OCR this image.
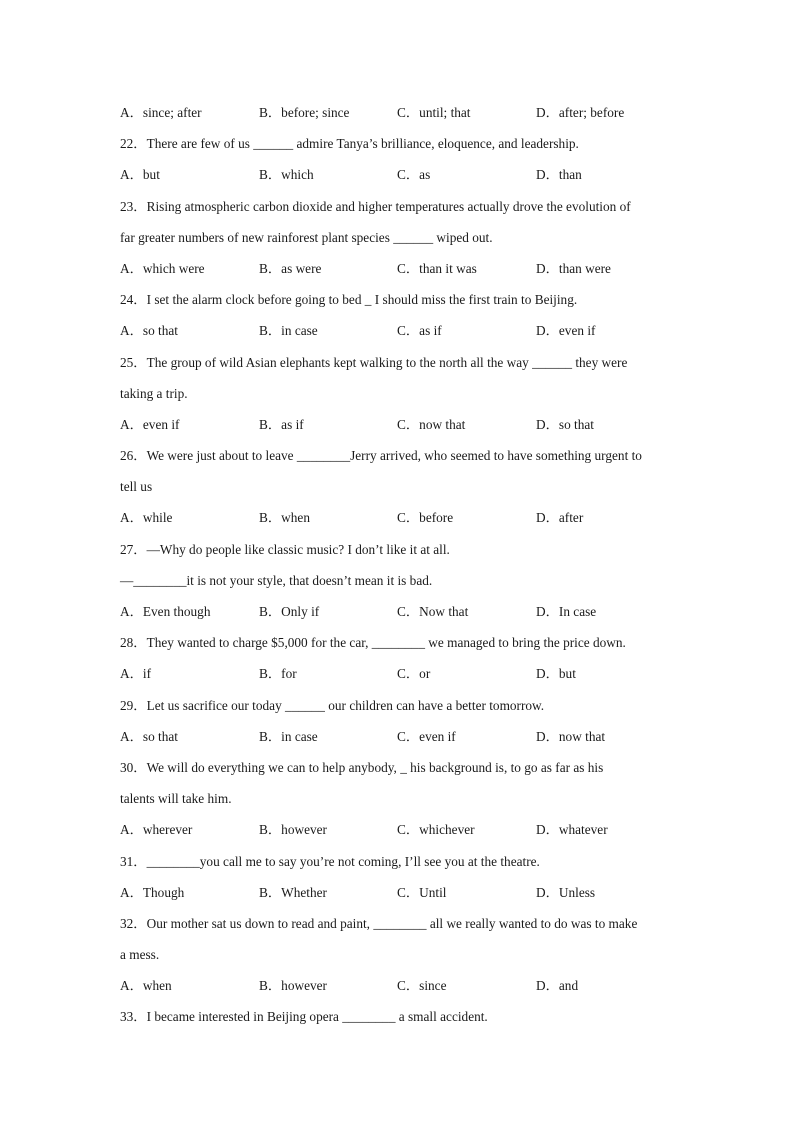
A．since; after	B．before; since	C．until; that	D．after; before
22．There are few of us ______ admire Tanya’s brilliance, eloquence, and leadership.
A．but	B．which	C．as	D．than
23．Rising atmospheric carbon dioxide and higher temperatures actually drove the evolution of
far greater numbers of new rainforest plant species ______ wiped out.
A．which were	B．as were	C．than it was	D．than were
24．I set the alarm clock before going to bed _ I should miss the first train to Beijing.
A．so that	B．in case	C．as if	D．even if
25．The group of wild Asian elephants kept walking to the north all the way ______ they were
taking a trip.
A．even if	B．as if	C．now that	D．so that
26．We were just about to leave ________Jerry arrived, who seemed to have something urgent to
tell us
A．while	B．when	C．before	D．after
27．—Why do people like classic music? I don’t like it at all.
—________it is not your style, that doesn’t mean it is bad.
A．Even though	B．Only if	C．Now that	D．In case
28．They wanted to charge $5,000 for the car, ________ we managed to bring the price down.
A．if	B．for	C．or	D．but
29．Let us sacrifice our today ______ our children can have a better tomorrow.
A．so that	B．in case	C．even if	D．now that
30．We will do everything we can to help anybody, _ his background is, to go as far as his
talents will take him.
A．wherever	B．however	C．whichever	D．whatever
31．________you call me to say you’re not coming, I’ll see you at the theatre.
A．Though	B．Whether	C．Until	D．Unless
32．Our mother sat us down to read and paint, ________ all we really wanted to do was to make
a mess.
A．when	B．however	C．since	D．and
33．I became interested in Beijing opera ________ a small accident.
